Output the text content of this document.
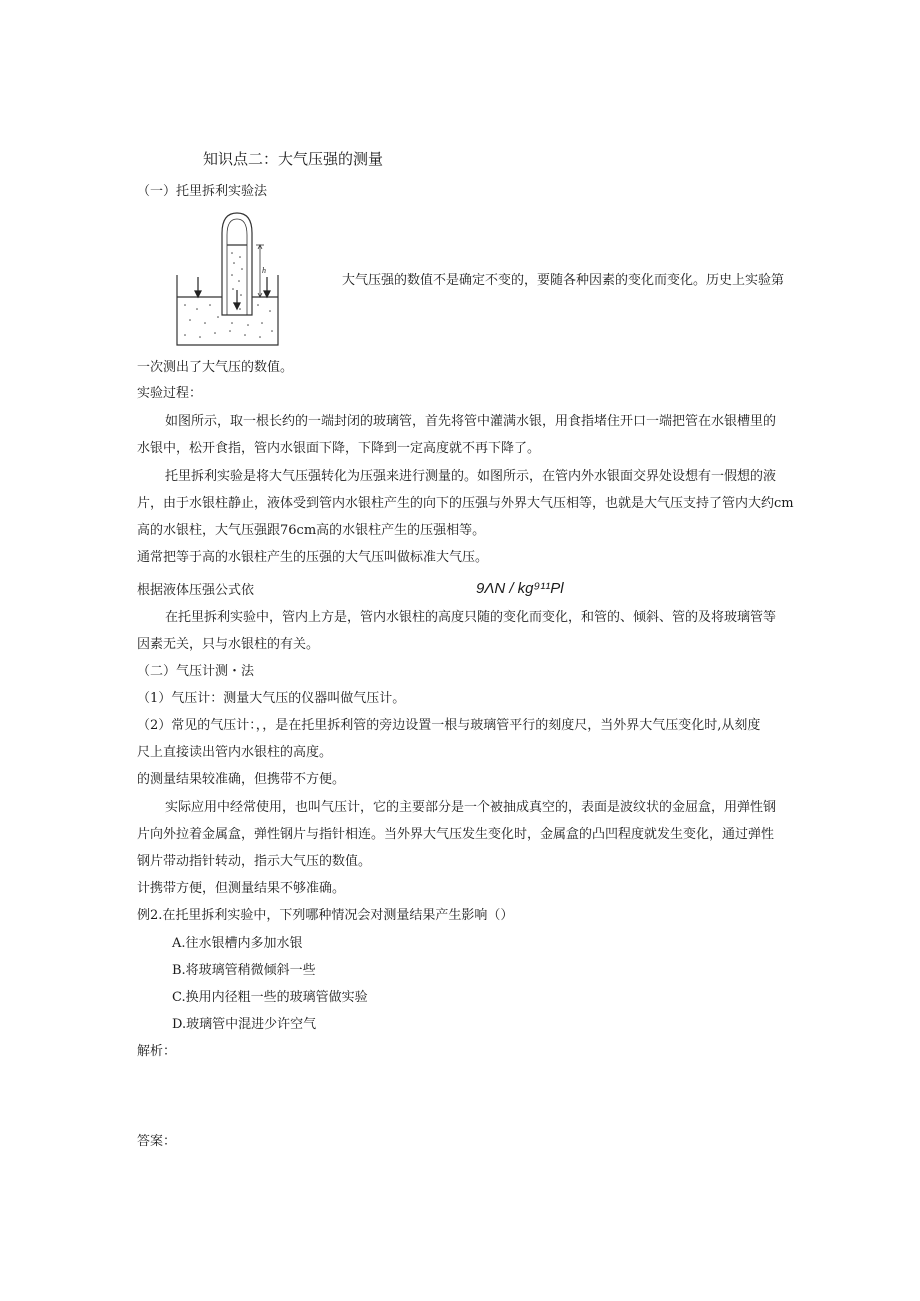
知识点二：大气压强的测量
（一）托里拆利实验法
h
大气压强的数值不是确定不变的，要随各种因素的变化而变化。历史上实验第
一次测出了大气压的数值。
实验过程：
如图所示，取一根长约的一端封闭的玻璃管，首先将管中灌满水银，用食指堵住开口一端把管在水银槽里的
水银中，松开食指，管内水银面下降，下降到一定高度就不再下降了。
托里拆利实验是将大气压强转化为压强来进行测量的。如图所示，在管内外水银面交界处设想有一假想的液
片，由于水银柱静止，液体受到管内水银柱产生的向下的压强与外界大气压相等，也就是大气压支持了管内大约cm
高的水银柱，大气压强跟76cm高的水银柱产生的压强相等。
通常把等于高的水银柱产生的压强的大气压叫做标准大气压。
根据液体压强公式依	9ΛN / kg⁹¹¹Pl
在托里拆利实验中，管内上方是，管内水银柱的高度只随的变化而变化，和管的、倾斜、管的及将玻璃管等
因素无关，只与水银柱的有关。
（二）气压计测・法
（1）气压计：测量大气压的仪器叫做气压计。
（2）常见的气压计：，，是在托里拆利管的旁边设置一根与玻璃管平行的刻度尺，当外界大气压变化时,从刻度
尺上直接读出管内水银柱的高度。
的测量结果较准确，但携带不方便。
实际应用中经常使用，也叫气压计，它的主要部分是一个被抽成真空的，表面是波纹状的金屈盒，用弹性钢
片向外拉着金属盒，弹性钢片与指针相连。当外界大气压发生变化时，金属盒的凸凹程度就发生变化，通过弹性
钢片带动指针转动，指示大气压的数值。
计携带方便，但测量结果不够准确。
例2.在托里拆利实验中，下列哪种情况会对测量结果产生影响（）
A.往水银槽内多加水银
B.将玻璃管稍微倾斜一些
C.换用内径粗一些的玻璃管做实验
D.玻璃管中混进少许空气
解析：
答案：
